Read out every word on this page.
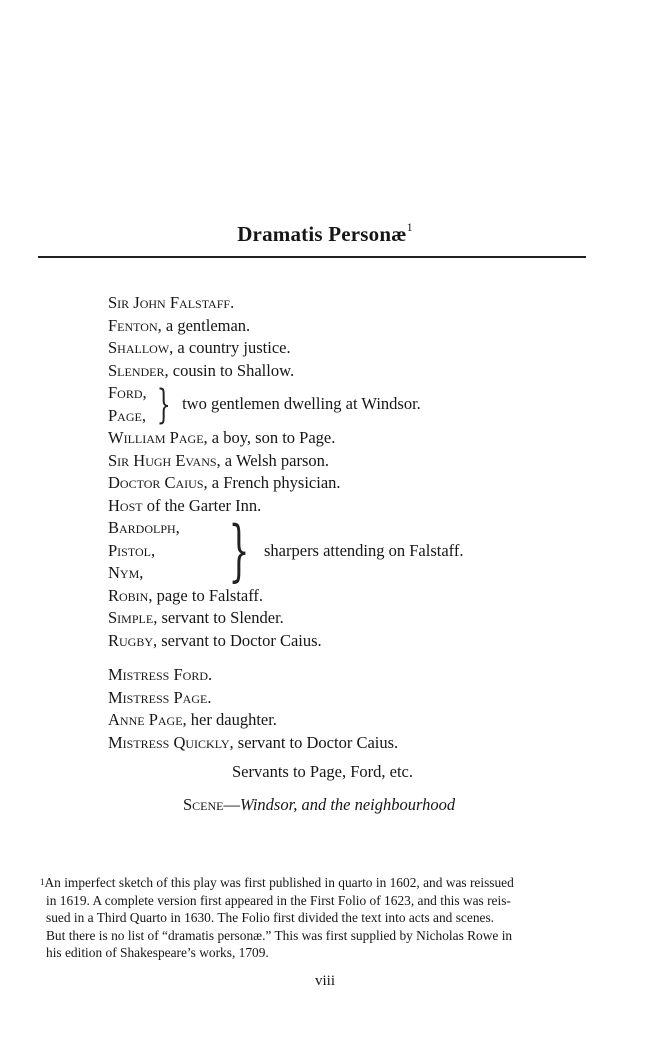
Dramatis Personæ$^1$
Sir John Falstaff.
Fenton, a gentleman.
Shallow, a country justice.
Slender, cousin to Shallow.
Ford,
Page, } two gentlemen dwelling at Windsor.
William Page, a boy, son to Page.
Sir Hugh Evans, a Welsh parson.
Doctor Caius, a French physician.
Host of the Garter Inn.
Bardolph,
Pistol,
Nym,	} sharpers attending on Falstaff.
Robin, page to Falstaff.
Simple, servant to Slender.
Rugby, servant to Doctor Caius.
Mistress Ford.
Mistress Page.
Anne Page, her daughter.
Mistress Quickly, servant to Doctor Caius.
Servants to Page, Ford, etc.
Scene—Windsor, and the neighbourhood
$^1$An imperfect sketch of this play was first published in quarto in 1602, and was reissued
in 1619. A complete version first appeared in the First Folio of 1623, and this was reis-
sued in a Third Quarto in 1630. The Folio first divided the text into acts and scenes.
But there is no list of “dramatis personæ.” This was first supplied by Nicholas Rowe in
his edition of Shakespeare’s works, 1709.
viii
